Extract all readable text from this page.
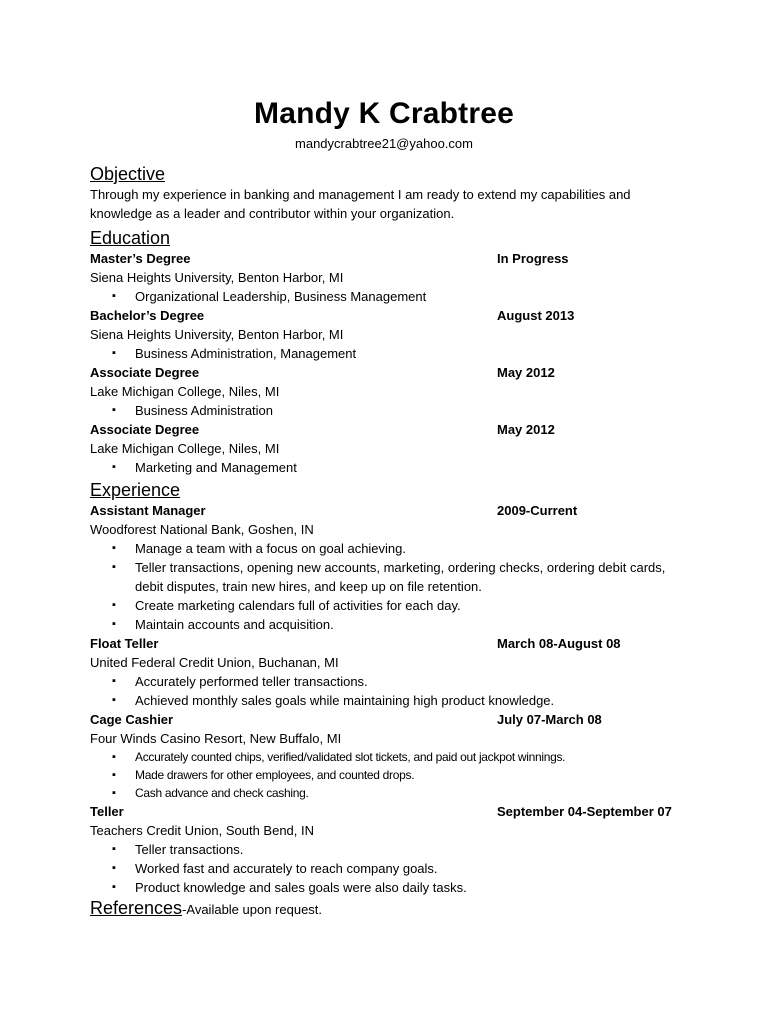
Mandy K Crabtree
mandycrabtree21@yahoo.com
Objective
Through my experience in banking and management I am ready to extend my capabilities and knowledge as a leader and contributor within your organization.
Education
Master’s Degree	In Progress
Siena Heights University, Benton Harbor, MI
▪ Organizational Leadership, Business Management
Bachelor’s Degree	August 2013
Siena Heights University, Benton Harbor, MI
▪ Business Administration, Management
Associate Degree	May 2012
Lake Michigan College, Niles, MI
▪ Business Administration
Associate Degree	May 2012
Lake Michigan College, Niles, MI
▪ Marketing and Management
Experience
Assistant Manager	2009-Current
Woodforest National Bank, Goshen, IN
▪ Manage a team with a focus on goal achieving.
▪ Teller transactions, opening new accounts, marketing, ordering checks, ordering debit cards, debit disputes, train new hires, and keep up on file retention.
▪ Create marketing calendars full of activities for each day.
▪ Maintain accounts and acquisition.
Float Teller	March 08-August 08
United Federal Credit Union, Buchanan, MI
▪ Accurately performed teller transactions.
▪ Achieved monthly sales goals while maintaining high product knowledge.
Cage Cashier	July 07-March 08
Four Winds Casino Resort, New Buffalo, MI
▪ Accurately counted chips, verified/validated slot tickets, and paid out jackpot winnings.
▪ Made drawers for other employees, and counted drops.
▪ Cash advance and check cashing.
Teller	September 04-September 07
Teachers Credit Union, South Bend, IN
▪ Teller transactions.
▪ Worked fast and accurately to reach company goals.
▪ Product knowledge and sales goals were also daily tasks.
References -Available upon request.
